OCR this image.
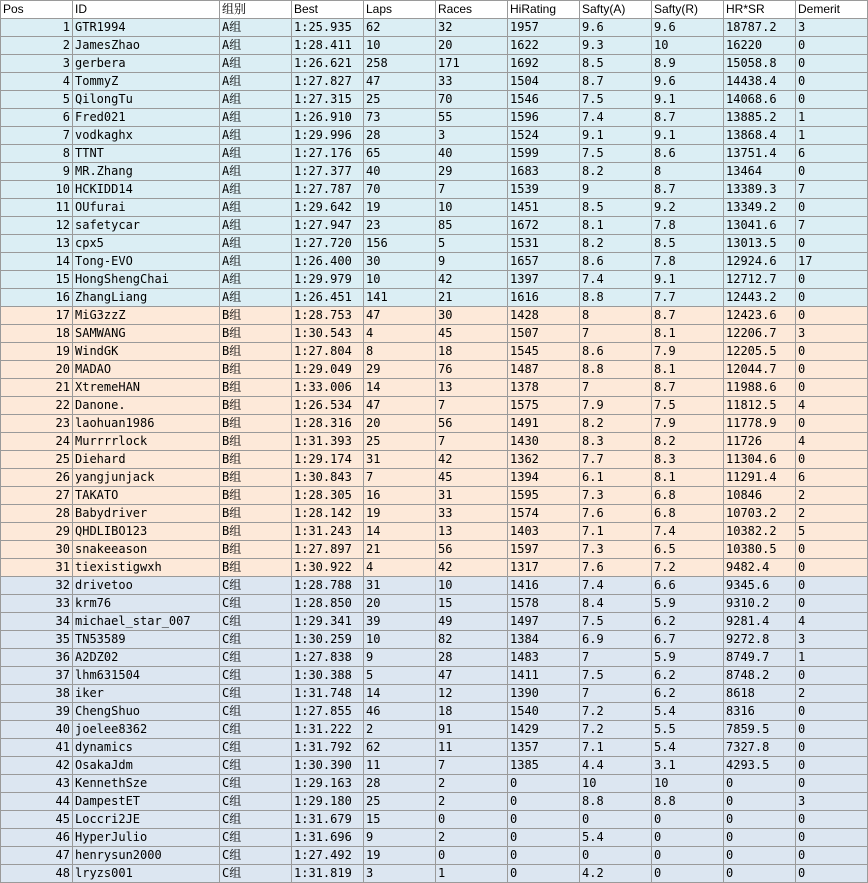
Pos	ID	组别	Best	Laps	Races	HiRating	Safty(A)	Safty(R)	HR*SR	Demerit
1	GTR1994	A组	1:25.935	62	32	1957	9.6	9.6	18787.2	3
2	JamesZhao	A组	1:28.411	10	20	1622	9.3	10	16220	0
3	gerbera	A组	1:26.621	258	171	1692	8.5	8.9	15058.8	0
4	TommyZ	A组	1:27.827	47	33	1504	8.7	9.6	14438.4	0
5	QilongTu	A组	1:27.315	25	70	1546	7.5	9.1	14068.6	0
6	Fred021	A组	1:26.910	73	55	1596	7.4	8.7	13885.2	1
7	vodkaghx	A组	1:29.996	28	3	1524	9.1	9.1	13868.4	1
8	TTNT	A组	1:27.176	65	40	1599	7.5	8.6	13751.4	6
9	MR.Zhang	A组	1:27.377	40	29	1683	8.2	8	13464	0
10	HCKIDD14	A组	1:27.787	70	7	1539	9	8.7	13389.3	7
11	OUfurai	A组	1:29.642	19	10	1451	8.5	9.2	13349.2	0
12	safetycar	A组	1:27.947	23	85	1672	8.1	7.8	13041.6	7
13	cpx5	A组	1:27.720	156	5	1531	8.2	8.5	13013.5	0
14	Tong-EVO	A组	1:26.400	30	9	1657	8.6	7.8	12924.6	17
15	HongShengChai	A组	1:29.979	10	42	1397	7.4	9.1	12712.7	0
16	ZhangLiang	A组	1:26.451	141	21	1616	8.8	7.7	12443.2	0
17	MiG3zzZ	B组	1:28.753	47	30	1428	8	8.7	12423.6	0
18	SAMWANG	B组	1:30.543	4	45	1507	7	8.1	12206.7	3
19	WindGK	B组	1:27.804	8	18	1545	8.6	7.9	12205.5	0
20	MADAO	B组	1:29.049	29	76	1487	8.8	8.1	12044.7	0
21	XtremeHAN	B组	1:33.006	14	13	1378	7	8.7	11988.6	0
22	Danone.	B组	1:26.534	47	7	1575	7.9	7.5	11812.5	4
23	laohuan1986	B组	1:28.316	20	56	1491	8.2	7.9	11778.9	0
24	Murrrrlock	B组	1:31.393	25	7	1430	8.3	8.2	11726	4
25	Diehard	B组	1:29.174	31	42	1362	7.7	8.3	11304.6	0
26	yangjunjack	B组	1:30.843	7	45	1394	6.1	8.1	11291.4	6
27	TAKATO	B组	1:28.305	16	31	1595	7.3	6.8	10846	2
28	Babydriver	B组	1:28.142	19	33	1574	7.6	6.8	10703.2	2
29	QHDLIBO123	B组	1:31.243	14	13	1403	7.1	7.4	10382.2	5
30	snakeeason	B组	1:27.897	21	56	1597	7.3	6.5	10380.5	0
31	tiexistigwxh	B组	1:30.922	4	42	1317	7.6	7.2	9482.4	0
32	drivetoo	C组	1:28.788	31	10	1416	7.4	6.6	9345.6	0
33	krm76	C组	1:28.850	20	15	1578	8.4	5.9	9310.2	0
34	michael_star_007	C组	1:29.341	39	49	1497	7.5	6.2	9281.4	4
35	TN53589	C组	1:30.259	10	82	1384	6.9	6.7	9272.8	3
36	A2DZ02	C组	1:27.838	9	28	1483	7	5.9	8749.7	1
37	lhm631504	C组	1:30.388	5	47	1411	7.5	6.2	8748.2	0
38	iker	C组	1:31.748	14	12	1390	7	6.2	8618	2
39	ChengShuo	C组	1:27.855	46	18	1540	7.2	5.4	8316	0
40	joelee8362	C组	1:31.222	2	91	1429	7.2	5.5	7859.5	0
41	dynamics	C组	1:31.792	62	11	1357	7.1	5.4	7327.8	0
42	OsakaJdm	C组	1:30.390	11	7	1385	4.4	3.1	4293.5	0
43	KennethSze	C组	1:29.163	28	2	0	10	10	0	0
44	DampestET	C组	1:29.180	25	2	0	8.8	8.8	0	3
45	Loccri2JE	C组	1:31.679	15	0	0	0	0	0	0
46	HyperJulio	C组	1:31.696	9	2	0	5.4	0	0	0
47	henrysun2000	C组	1:27.492	19	0	0	0	0	0	0
48	lryzs001	C组	1:31.819	3	1	0	4.2	0	0	0
